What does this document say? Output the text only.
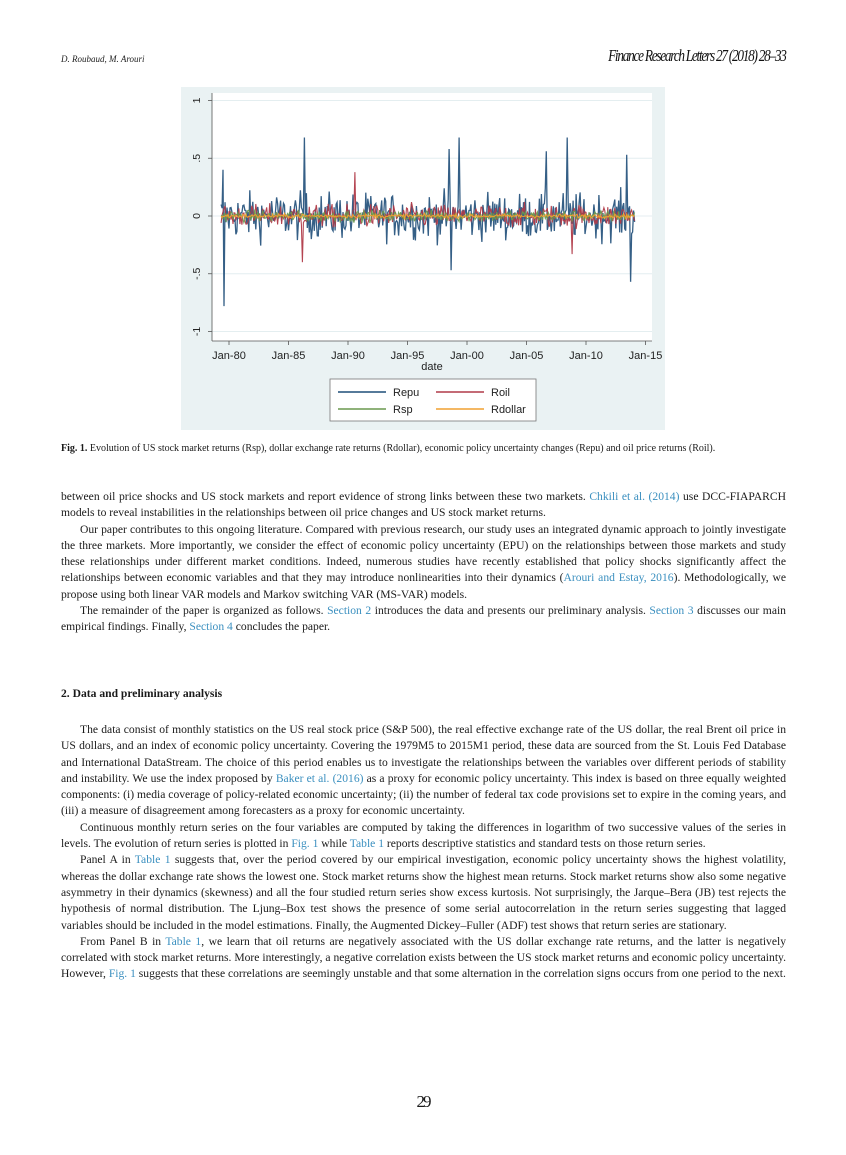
D. Roubaud, M. Arouri	Finance Research Letters 27 (2018) 28–33
-1
-.5
0
.5
1
Jan-80 Jan-85 Jan-90 Jan-95 Jan-00 Jan-05 Jan-10 Jan-15
date
Repu	Roil
Rsp	Rdollar
Fig. 1. Evolution of US stock market returns (Rsp), dollar exchange rate returns (Rdollar), economic policy uncertainty changes (Repu) and oil price returns (Roil).

between oil price shocks and US stock markets and report evidence of strong links between these two markets. Chkili et al. (2014) use DCC-FIAPARCH models to reveal instabilities in the relationships between oil price changes and US stock market returns.

Our paper contributes to this ongoing literature. Compared with previous research, our study uses an integrated dynamic approach to jointly investigate the three markets. More importantly, we consider the effect of economic policy uncertainty (EPU) on the relationships between those markets and study these relationships under different market conditions. Indeed, numerous studies have recently established that policy shocks significantly affect the relationships between economic variables and that they may introduce nonlinearities into their dynamics (Arouri and Estay, 2016). Methodologically, we propose using both linear VAR models and Markov switching VAR (MS-VAR) models.

The remainder of the paper is organized as follows. Section 2 introduces the data and presents our preliminary analysis. Section 3 discusses our main empirical findings. Finally, Section 4 concludes the paper.

2. Data and preliminary analysis

The data consist of monthly statistics on the US real stock price (S&P 500), the real effective exchange rate of the US dollar, the real Brent oil price in US dollars, and an index of economic policy uncertainty. Covering the 1979M5 to 2015M1 period, these data are sourced from the St. Louis Fed Database and International DataStream. The choice of this period enables us to investigate the relationships between the variables over different periods of stability and instability. We use the index proposed by Baker et al. (2016) as a proxy for economic policy uncertainty. This index is based on three equally weighted components: (i) media coverage of policy-related economic uncertainty; (ii) the number of federal tax code provisions set to expire in the coming years, and (iii) a measure of disagreement among forecasters as a proxy for economic uncertainty.

Continuous monthly return series on the four variables are computed by taking the differences in logarithm of two successive values of the series in levels. The evolution of return series is plotted in Fig. 1 while Table 1 reports descriptive statistics and standard tests on those return series.

Panel A in Table 1 suggests that, over the period covered by our empirical investigation, economic policy uncertainty shows the highest volatility, whereas the dollar exchange rate shows the lowest one. Stock market returns show the highest mean returns. Stock market returns show also some negative asymmetry in their dynamics (skewness) and all the four studied return series show excess kurtosis. Not surprisingly, the Jarque–Bera (JB) test rejects the hypothesis of normal distribution. The Ljung–Box test shows the presence of some serial autocorrelation in the return series suggesting that lagged variables should be included in the model estimations. Finally, the Augmented Dickey–Fuller (ADF) test shows that return series are stationary.

From Panel B in Table 1, we learn that oil returns are negatively associated with the US dollar exchange rate returns, and the latter is negatively correlated with stock market returns. More interestingly, a negative correlation exists between the US stock market returns and economic policy uncertainty. However, Fig. 1 suggests that these correlations are seemingly unstable and that some alternation in the correlation signs occurs from one period to the next.

29
